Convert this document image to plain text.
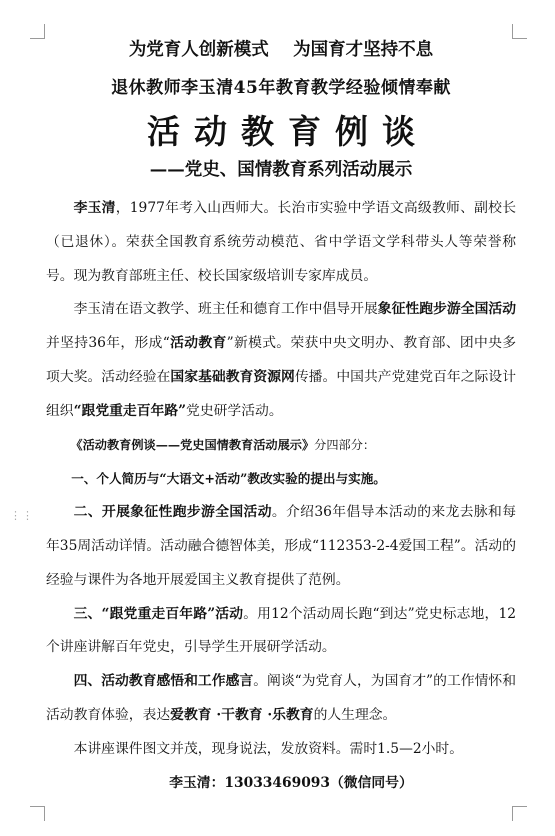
⋮⋮
为党育人创新模式    为国育才坚持不息
退休教师李玉清45年教育教学经验倾情奉献
活动教育例谈
——党史、国情教育系列活动展示

李玉清，1977年考入山西师大。长治市实验中学语文高级教师、副校长（已退休）。荣获全国教育系统劳动模范、省中学语文学科带头人等荣誉称号。现为教育部班主任、校长国家级培训专家库成员。

李玉清在语文教学、班主任和德育工作中倡导开展象征性跑步游全国活动并坚持36年，形成“活动教育”新模式。荣获中央文明办、教育部、团中央多项大奖。活动经验在国家基础教育资源网传播。中国共产党建党百年之际设计组织“跟党重走百年路”党史研学活动。

《活动教育例谈——党史国情教育活动展示》分四部分：

一、个人简历与“大语文+活动”教改实验的提出与实施。

二、开展象征性跑步游全国活动。介绍36年倡导本活动的来龙去脉和每年35周活动详情。活动融合德智体美，形成“112353-2-4爱国工程”。活动的经验与课件为各地开展爱国主义教育提供了范例。

三、“跟党重走百年路”活动。用12个活动周长跑“到达”党史标志地，12个讲座讲解百年党史，引导学生开展研学活动。

四、活动教育感悟和工作感言。阐谈“为党育人，为国育才”的工作情怀和活动教育体验，表达爱教育 ·干教育 ·乐教育的人生理念。

本讲座课件图文并茂，现身说法，发放资料。需时1.5—2小时。

李玉清：13033469093（微信同号）
